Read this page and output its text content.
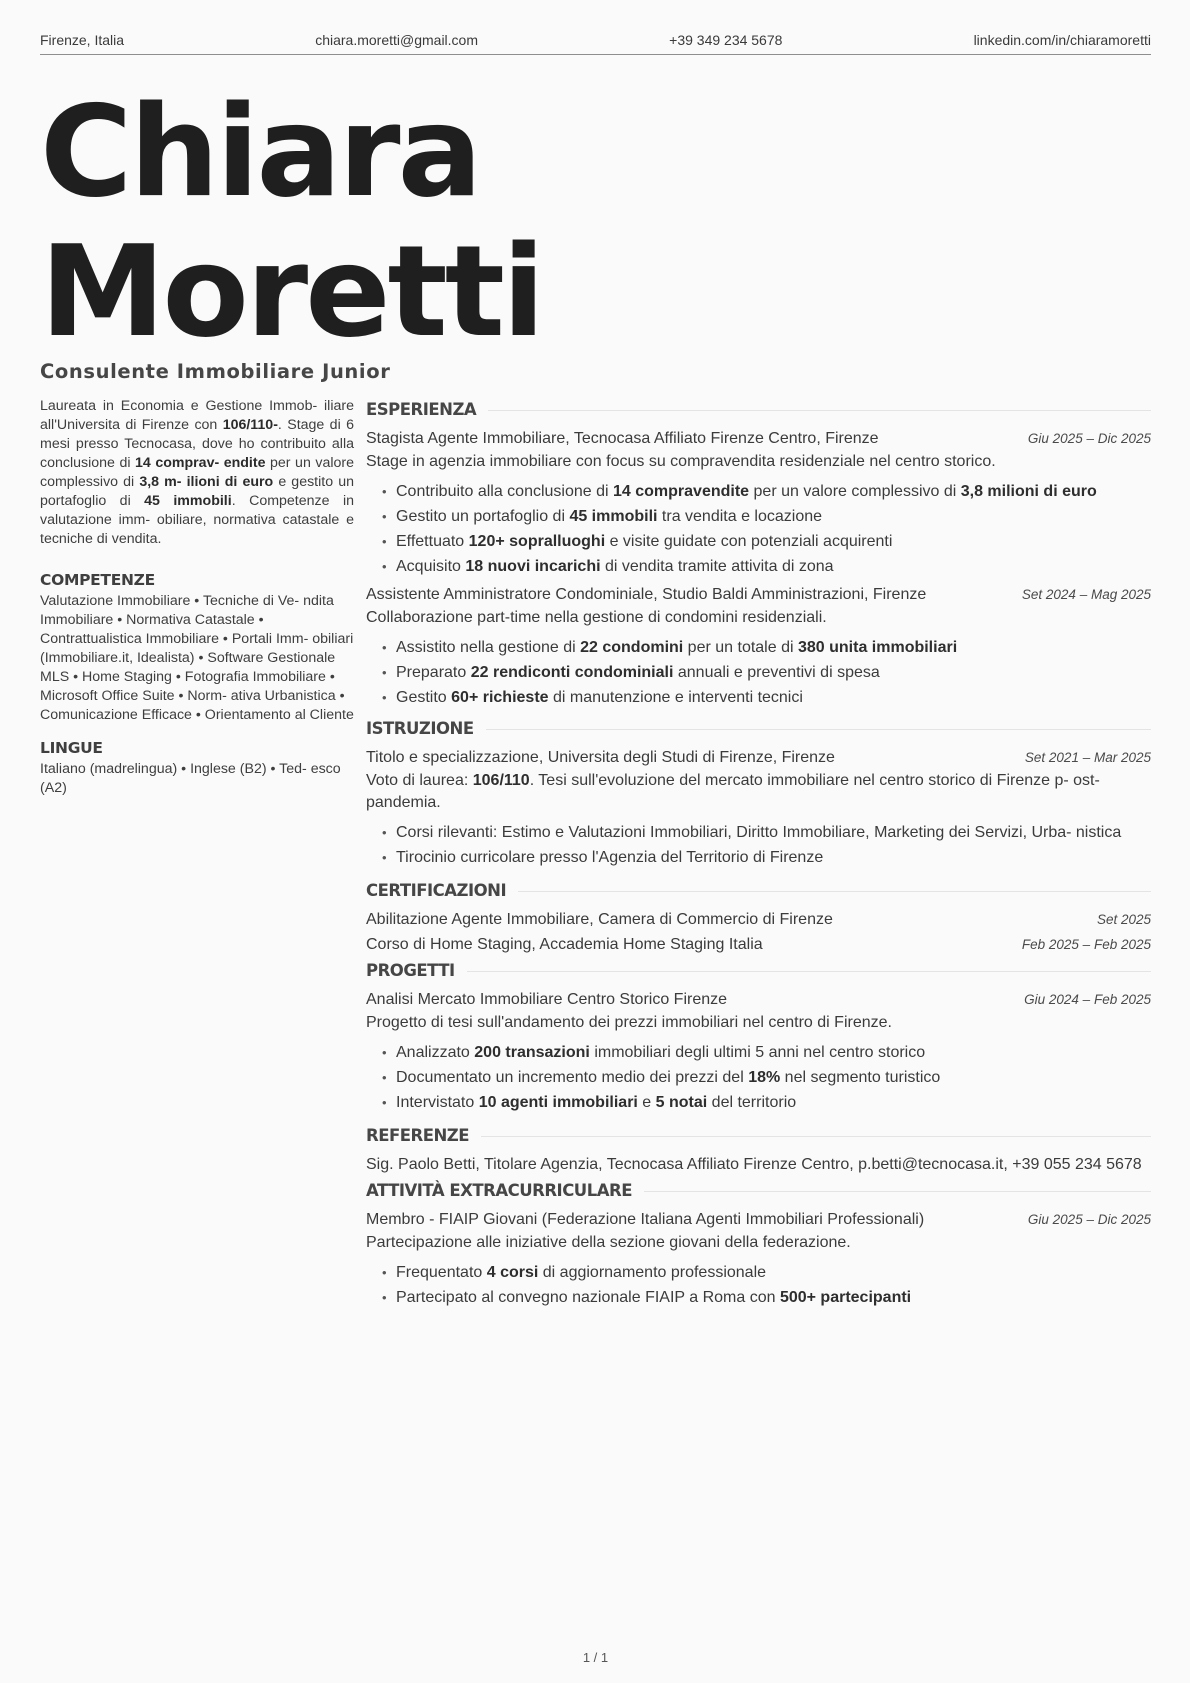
Firenze, Italia	chiara.moretti@gmail.com	+39 349 234 5678	linkedin.com/in/chiaramoretti
Chiara
Moretti
Consulente Immobiliare Junior

Laureata in Economia e Gestione Immob- iliare all'Universita di Firenze con 106/110-. Stage di 6 mesi presso Tecnocasa, dove ho contribuito alla conclusione di 14 comprav- endite per un valore complessivo di 3,8 m- ilioni di euro e gestito un portafoglio di 45 immobili. Competenze in valutazione imm- obiliare, normativa catastale e tecniche di vendita.

COMPETENZE

Valutazione Immobiliare • Tecniche di Ve- ndita Immobiliare • Normativa Catastale • Contrattualistica Immobiliare • Portali Imm- obiliari (Immobiliare.it, Idealista) • Software Gestionale MLS • Home Staging • Fotografia Immobiliare • Microsoft Office Suite • Norm- ativa Urbanistica • Comunicazione Efficace • Orientamento al Cliente

LINGUE

Italiano (madrelingua) • Inglese (B2) • Ted- esco (A2)

ESPERIENZA
Stagista Agente Immobiliare, Tecnocasa Affiliato Firenze Centro, Firenze	Giu 2025 – Dic 2025
Stage in agenzia immobiliare con focus su compravendita residenziale nel centro storico.
• Contribuito alla conclusione di 14 compravendite per un valore complessivo di 3,8 milioni di euro
• Gestito un portafoglio di 45 immobili tra vendita e locazione
• Effettuato 120+ sopralluoghi e visite guidate con potenziali acquirenti
• Acquisito 18 nuovi incarichi di vendita tramite attivita di zona
Assistente Amministratore Condominiale, Studio Baldi Amministrazioni, Firenze	Set 2024 – Mag 2025
Collaborazione part-time nella gestione di condomini residenziali.
• Assistito nella gestione di 22 condomini per un totale di 380 unita immobiliari
• Preparato 22 rendiconti condominiali annuali e preventivi di spesa
• Gestito 60+ richieste di manutenzione e interventi tecnici
ISTRUZIONE
Titolo e specializzazione, Universita degli Studi di Firenze, Firenze	Set 2021 – Mar 2025
Voto di laurea: 106/110. Tesi sull'evoluzione del mercato immobiliare nel centro storico di Firenze p- ost-pandemia.
• Corsi rilevanti: Estimo e Valutazioni Immobiliari, Diritto Immobiliare, Marketing dei Servizi, Urba- nistica
• Tirocinio curricolare presso l'Agenzia del Territorio di Firenze
CERTIFICAZIONI
Abilitazione Agente Immobiliare, Camera di Commercio di Firenze	Set 2025
Corso di Home Staging, Accademia Home Staging Italia	Feb 2025 – Feb 2025
PROGETTI
Analisi Mercato Immobiliare Centro Storico Firenze	Giu 2024 – Feb 2025
Progetto di tesi sull'andamento dei prezzi immobiliari nel centro di Firenze.
• Analizzato 200 transazioni immobiliari degli ultimi 5 anni nel centro storico
• Documentato un incremento medio dei prezzi del 18% nel segmento turistico
• Intervistato 10 agenti immobiliari e 5 notai del territorio
REFERENZE
Sig. Paolo Betti, Titolare Agenzia, Tecnocasa Affiliato Firenze Centro, p.betti@tecnocasa.it, +39 055 234 5678
ATTIVITÀ EXTRACURRICULARE
Membro - FIAIP Giovani (Federazione Italiana Agenti Immobiliari Professionali)	Giu 2025 – Dic 2025
Partecipazione alle iniziative della sezione giovani della federazione.
• Frequentato 4 corsi di aggiornamento professionale
• Partecipato al convegno nazionale FIAIP a Roma con 500+ partecipanti
1 / 1
